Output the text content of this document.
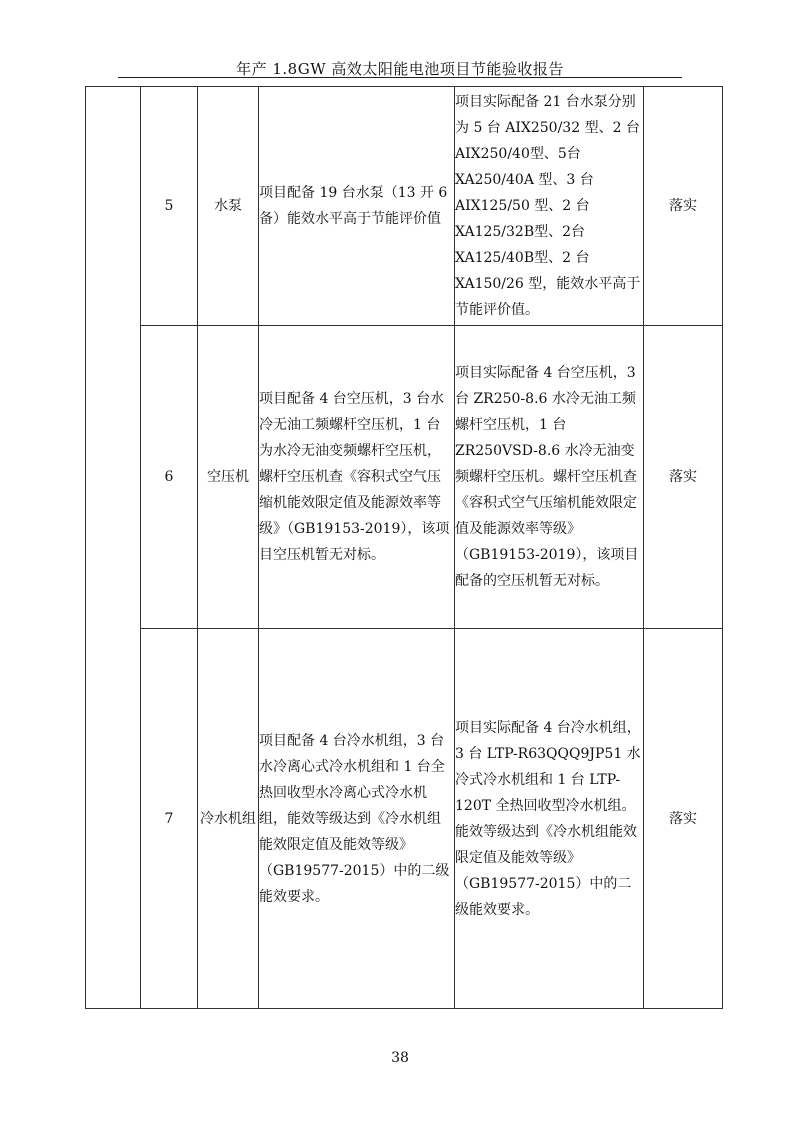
年产 1.8GW 高效太阳能电池项目节能验收报告

	5	水泵	项目配备 19 台水泵（13 开 6 备）能效水平高于节能评价值	项目实际配备 21 台水泵分别为 5 台 AIX250/32 型、2 台 AIX250/40型、5台XA250/40A 型、3 台 AIX125/50 型、2 台 XA125/32B型、2台XA125/40B型、2 台 XA150/26 型，能效水平高于节能评价值。	落实

	6	空压机	项目配备 4 台空压机，3 台水冷无油工频螺杆空压机，1 台为水冷无油变频螺杆空压机，螺杆空压机查《容积式空气压缩机能效限定值及能源效率等级》（GB19153-2019），该项目空压机暂无对标。	项目实际配备 4 台空压机，3 台 ZR250-8.6 水冷无油工频螺杆空压机，1 台 ZR250VSD-8.6 水冷无油变频螺杆空压机。螺杆空压机查《容积式空气压缩机能效限定值及能源效率等级》（GB19153-2019），该项目配备的空压机暂无对标。	落实

	7	冷水机组	项目配备 4 台冷水机组，3 台水冷离心式冷水机组和 1 台全热回收型水冷离心式冷水机组，能效等级达到《冷水机组能效限定值及能效等级》（GB19577-2015）中的二级能效要求。	项目实际配备 4 台冷水机组，3 台 LTP-R63QQQ9JP51 水冷式冷水机组和 1 台 LTP-120T 全热回收型冷水机组。能效等级达到《冷水机组能效限定值及能效等级》（GB19577-2015）中的二级能效要求。	落实
38
